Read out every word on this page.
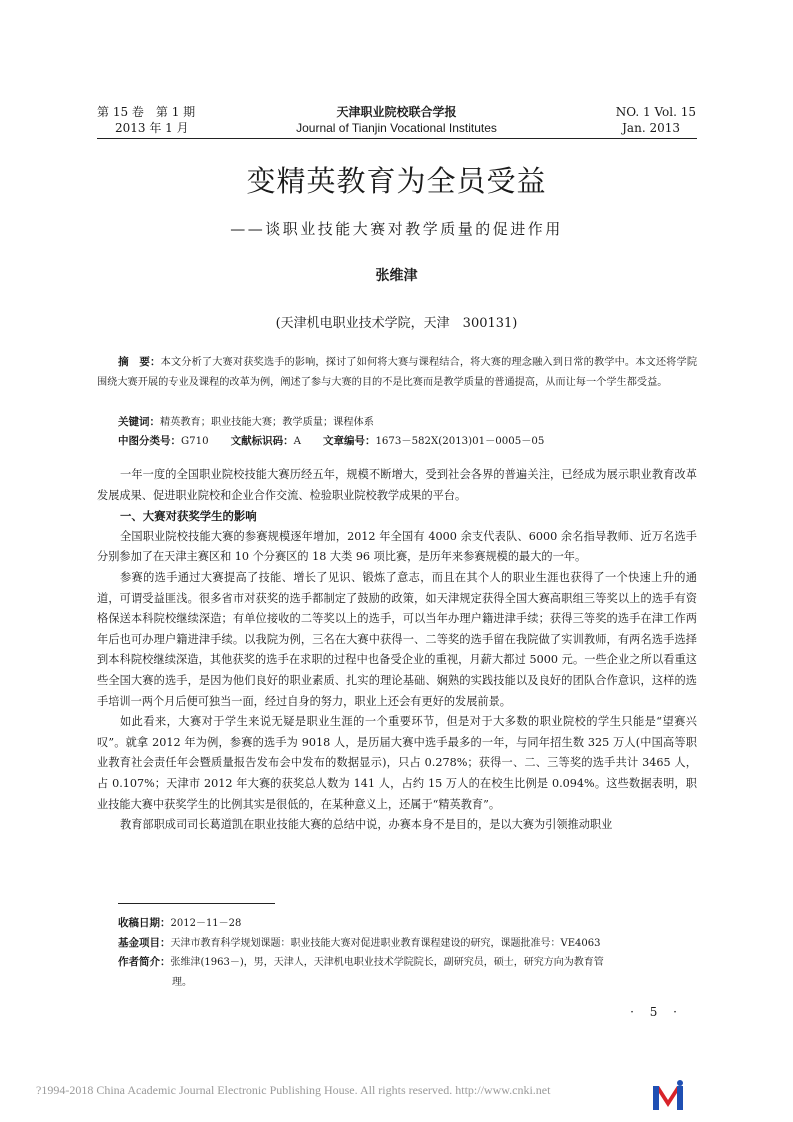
第 15 卷　第 1 期
2013 年 1 月
天津职业院校联合学报
Journal of Tianjin Vocational Institutes
NO. 1 Vol. 15
Jan. 2013
变精英教育为全员受益
——谈职业技能大赛对教学质量的促进作用
张维津
(天津机电职业技术学院，天津　300131)
摘　要：本文分析了大赛对获奖选手的影响，探讨了如何将大赛与课程结合，将大赛的理念融入到日常的教学中。本文还将学院围绕大赛开展的专业及课程的改革为例，阐述了参与大赛的目的不是比赛而是教学质量的普通提高，从而让每一个学生都受益。
关键词：精英教育；职业技能大赛；教学质量；课程体系
中图分类号：G710 文献标识码：A 文章编号：1673－582X(2013)01－0005－05

一年一度的全国职业院校技能大赛历经五年，规模不断增大，受到社会各界的普遍关注，已经成为展示职业教育改革发展成果、促进职业院校和企业合作交流、检验职业院校教学成果的平台。

一、大赛对获奖学生的影响

全国职业院校技能大赛的参赛规模逐年增加，2012 年全国有 4000 余支代表队、6000 余名指导教师、近万名选手分别参加了在天津主赛区和 10 个分赛区的 18 大类 96 项比赛，是历年来参赛规模的最大的一年。

参赛的选手通过大赛提高了技能、增长了见识、锻炼了意志，而且在其个人的职业生涯也获得了一个快速上升的通道，可谓受益匪浅。很多省市对获奖的选手都制定了鼓励的政策，如天津规定获得全国大赛高职组三等奖以上的选手有资格保送本科院校继续深造；有单位接收的二等奖以上的选手，可以当年办理户籍进津手续；获得三等奖的选手在津工作两年后也可办理户籍进津手续。以我院为例，三名在大赛中获得一、二等奖的选手留在我院做了实训教师，有两名选手选择到本科院校继续深造，其他获奖的选手在求职的过程中也备受企业的重视，月薪大都过 5000 元。一些企业之所以看重这些全国大赛的选手，是因为他们良好的职业素质、扎实的理论基础、娴熟的实践技能以及良好的团队合作意识，这样的选手培训一两个月后便可独当一面，经过自身的努力，职业上还会有更好的发展前景。

如此看来，大赛对于学生来说无疑是职业生涯的一个重要环节，但是对于大多数的职业院校的学生只能是“望赛兴叹”。就拿 2012 年为例，参赛的选手为 9018 人，是历届大赛中选手最多的一年，与同年招生数 325 万人(中国高等职业教育社会责任年会暨质量报告发布会中发布的数据显示)，只占 0.278%；获得一、二、三等奖的选手共计 3465 人，占 0.107%；天津市 2012 年大赛的获奖总人数为 141 人，占约 15 万人的在校生比例是 0.094%。这些数据表明，职业技能大赛中获奖学生的比例其实是很低的，在某种意义上，还属于“精英教育”。

教育部职成司司长葛道凯在职业技能大赛的总结中说，办赛本身不是目的，是以大赛为引领推动职业

收稿日期：2012－11－28
基金项目：天津市教育科学规划课题：职业技能大赛对促进职业教育课程建设的研究，课题批准号：VE4063
作者简介：张维津(1963－)，男，天津人，天津机电职业技术学院院长，副研究员，硕士，研究方向为教育管
理。
· 5 ·
?1994-2018 China Academic Journal Electronic Publishing House. All rights reserved. http://www.cnki.net
